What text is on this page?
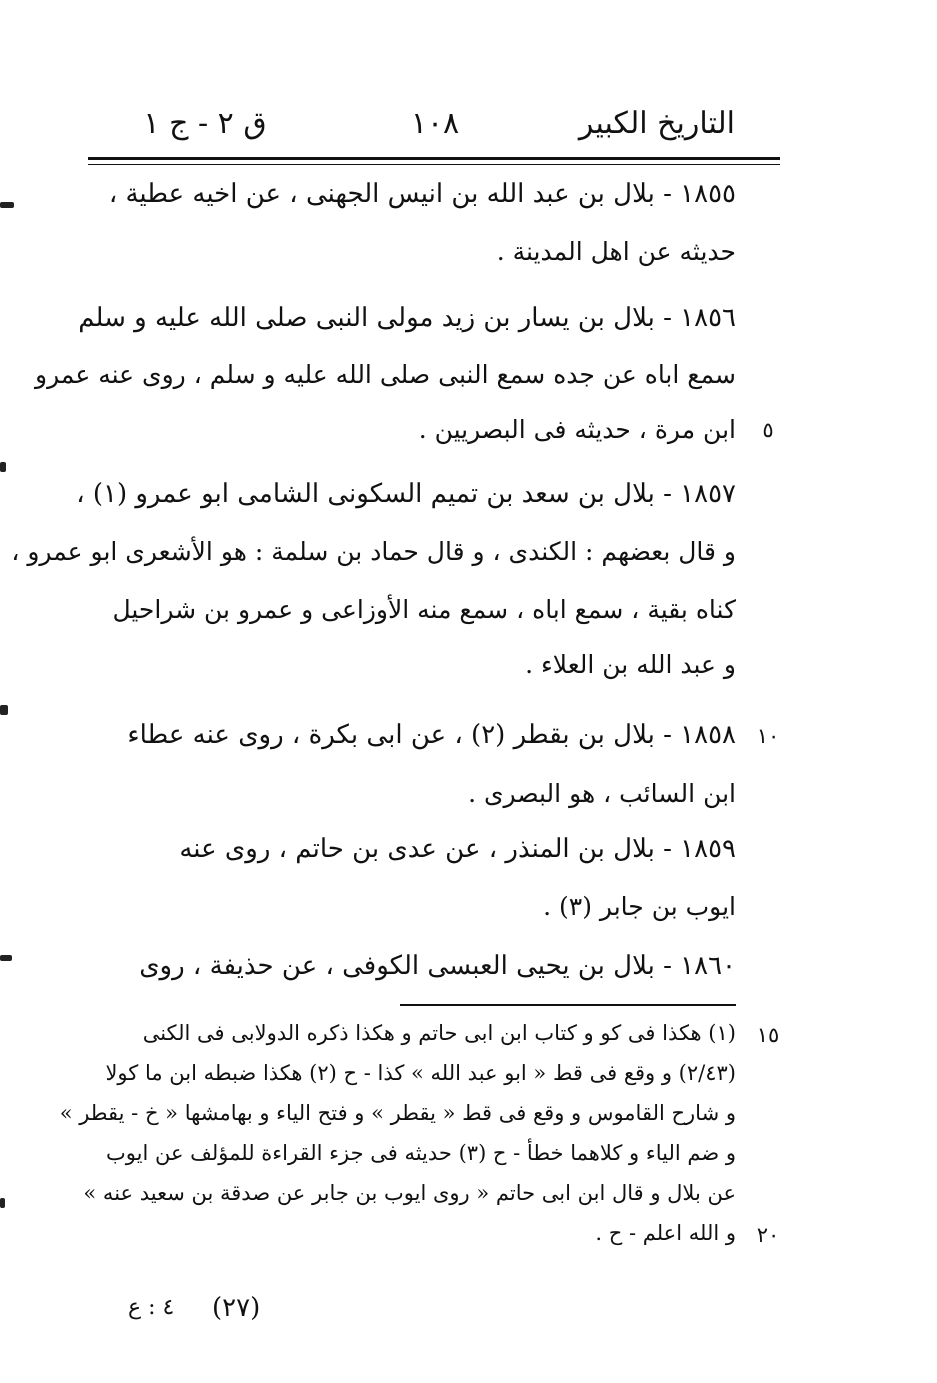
التاريخ الكبير
١٠٨
ق ٢ - ج ١
١٨٥٥ - بلال بن عبد الله بن انيس الجهنى ، عن اخيه عطية ،
حديثه عن اهل المدينة .
١٨٥٦ - بلال بن يسار بن زيد مولى النبى صلى الله عليه و سلم
سمع اباه عن جده سمع النبى صلى الله عليه و سلم ، روى عنه عمرو
ابن مرة ، حديثه فى البصريين .
١٨٥٧ - بلال بن سعد بن تميم السكونى الشامى ابو عمرو (١) ،
و قال بعضهم : الكندى ، و قال حماد بن سلمة : هو الأشعرى ابو عمرو ،
كناه بقية ، سمع اباه ، سمع منه الأوزاعى و عمرو بن شراحيل
و عبد الله بن العلاء .
١٨٥٨ - بلال بن بقطر (٢) ، عن ابى بكرة ، روى عنه عطاء
ابن السائب ، هو البصرى .
١٨٥٩ - بلال بن المنذر ، عن عدى بن حاتم ، روى عنه
ايوب بن جابر (٣) .
١٨٦٠ - بلال بن يحيى العبسى الكوفى ، عن حذيفة ، روى
(١) هكذا فى كو و كتاب ابن ابى حاتم و هكذا ذكره الدولابى فى الكنى
(٢/٤٣) و وقع فى قط « ابو عبد الله » كذا - ح (٢) هكذا ضبطه ابن ما كولا
و شارح القاموس و وقع فى قط « يقطر » و فتح الياء و بهامشها « خ - يقطر »
و ضم الياء و كلاهما خطأ - ح (٣) حديثه فى جزء القراءة للمؤلف عن ايوب
عن بلال و قال ابن ابى حاتم « روى ايوب بن جابر عن صدقة بن سعيد عنه »
و الله اعلم - ح .
٥
١٠
١٥
٢٠
٤ : ع (٢٧)
